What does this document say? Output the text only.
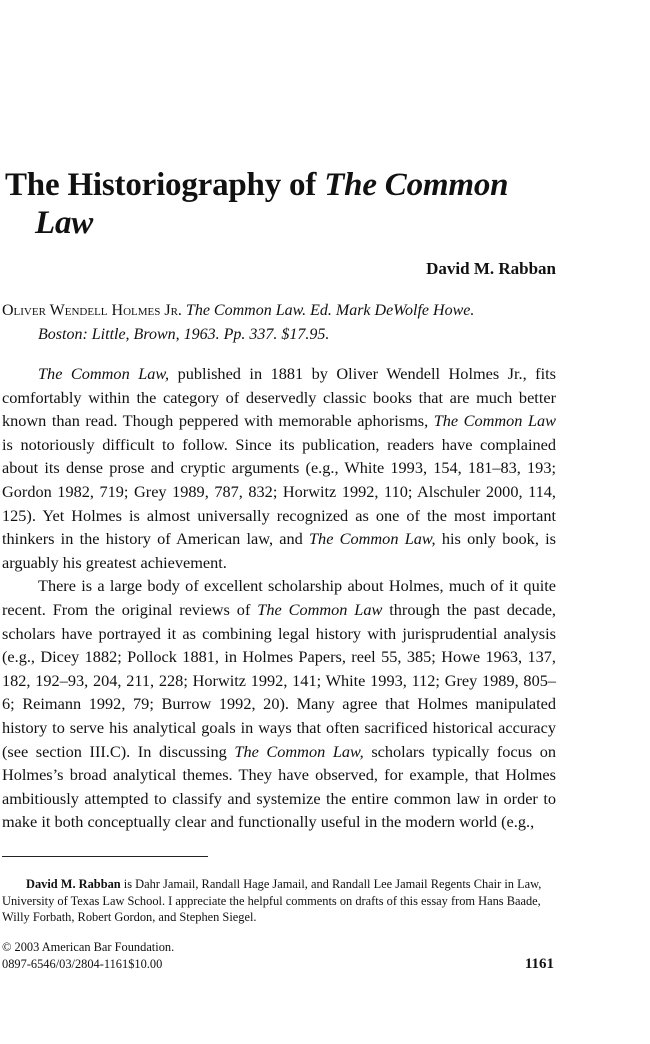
The Historiography of The Common
Law
David M. Rabban
Oliver Wendell Holmes Jr. The Common Law. Ed. Mark DeWolfe Howe.
Boston: Little, Brown, 1963. Pp. 337. $17.95.

The Common Law, published in 1881 by Oliver Wendell Holmes Jr., fits comfortably within the category of deservedly classic books that are much better known than read. Though peppered with memorable aphorisms, The Common Law is notoriously difficult to follow. Since its publication, readers have complained about its dense prose and cryptic arguments (e.g., White 1993, 154, 181–83, 193; Gordon 1982, 719; Grey 1989, 787, 832; Horwitz 1992, 110; Alschuler 2000, 114, 125). Yet Holmes is almost universally recognized as one of the most important thinkers in the history of American law, and The Common Law, his only book, is arguably his greatest achievement.

There is a large body of excellent scholarship about Holmes, much of it quite recent. From the original reviews of The Common Law through the past decade, scholars have portrayed it as combining legal history with jurisprudential analysis (e.g., Dicey 1882; Pollock 1881, in Holmes Papers, reel 55, 385; Howe 1963, 137, 182, 192–93, 204, 211, 228; Horwitz 1992, 141; White 1993, 112; Grey 1989, 805–6; Reimann 1992, 79; Burrow 1992, 20). Many agree that Holmes manipulated history to serve his analytical goals in ways that often sacrificed historical accuracy (see section III.C). In discussing The Common Law, scholars typically focus on Holmes’s broad analytical themes. They have observed, for example, that Holmes ambitiously attempted to classify and systemize the entire common law in order to make it both conceptually clear and functionally useful in the modern world (e.g.,

David M. Rabban is Dahr Jamail, Randall Hage Jamail, and Randall Lee Jamail Regents Chair in Law, University of Texas Law School. I appreciate the helpful comments on drafts of this essay from Hans Baade, Willy Forbath, Robert Gordon, and Stephen Siegel.

© 2003 American Bar Foundation.
0897-6546/03/2804-1161$10.00	1161
